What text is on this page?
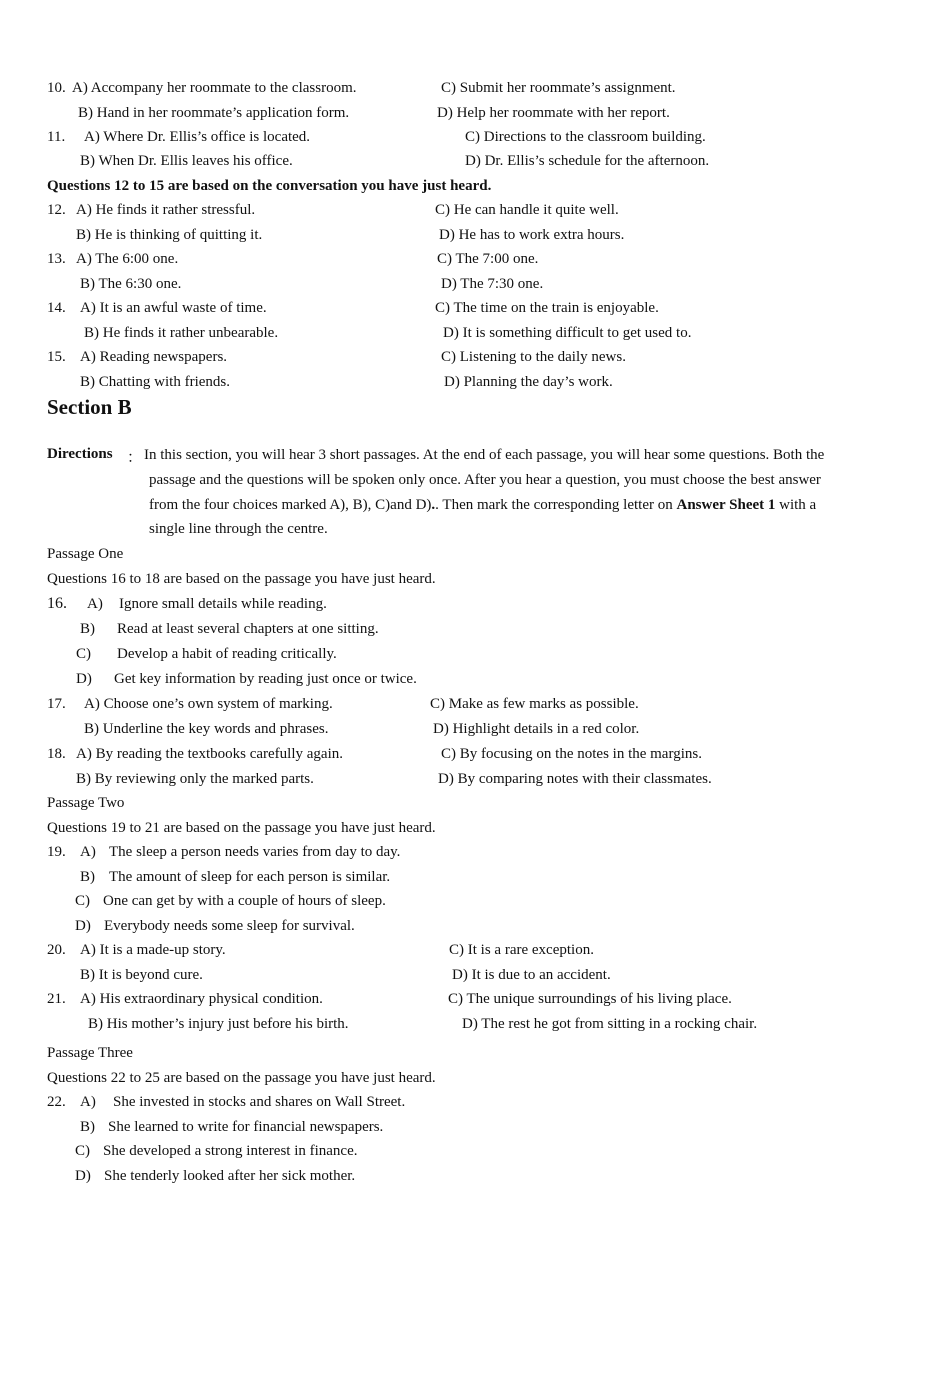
10. A) Accompany her roommate to the classroom.
B) Hand in her roommate’s application form.
C) Submit her roommate’s assignment.
D) Help her roommate with her report.
11. A) Where Dr. Ellis’s office is located.
B) When Dr. Ellis leaves his office.
C) Directions to the classroom building.
D) Dr. Ellis’s schedule for the afternoon.
Questions 12 to 15 are based on the conversation you have just heard.
12. A) He finds it rather stressful.
B) He is thinking of quitting it.
C) He can handle it quite well.
D) He has to work extra hours.
13. A) The 6:00 one.
B) The 6:30 one.
C) The 7:00 one.
D) The 7:30 one.
14. A) It is an awful waste of time.
B) He finds it rather unbearable.
C) The time on the train is enjoyable.
D) It is something difficult to get used to.
15. A) Reading newspapers.
B) Chatting with friends.
C) Listening to the daily news.
D) Planning the day’s work.
Section B
Directions ： In this section, you will hear 3 short passages. At the end of each passage, you will hear some questions. Both the
passage and the questions will be spoken only once. After you hear a question, you must choose the best answer
from the four choices marked A), B), C)and D).. Then mark the corresponding letter on Answer Sheet 1 with a
single line through the centre.
Passage One
Questions 16 to 18 are based on the passage you have just heard.
16. A) Ignore small details while reading.
B) Read at least several chapters at one sitting.
C) Develop a habit of reading critically.
D) Get key information by reading just once or twice.
17. A) Choose one’s own system of marking.
B) Underline the key words and phrases.
C) Make as few marks as possible.
D) Highlight details in a red color.
18. A) By reading the textbooks carefully again.
B) By reviewing only the marked parts.
C) By focusing on the notes in the margins.
D) By comparing notes with their classmates.
Passage Two
Questions 19 to 21 are based on the passage you have just heard.
19. A) The sleep a person needs varies from day to day.
B) The amount of sleep for each person is similar.
C) One can get by with a couple of hours of sleep.
D) Everybody needs some sleep for survival.
20. A) It is a made-up story.
B) It is beyond cure.
C) It is a rare exception.
D) It is due to an accident.
21. A) His extraordinary physical condition.
B) His mother’s injury just before his birth.
C) The unique surroundings of his living place.
D) The rest he got from sitting in a rocking chair.
Passage Three
Questions 22 to 25 are based on the passage you have just heard.
22. A) She invested in stocks and shares on Wall Street.
B) She learned to write for financial newspapers.
C) She developed a strong interest in finance.
D) She tenderly looked after her sick mother.
